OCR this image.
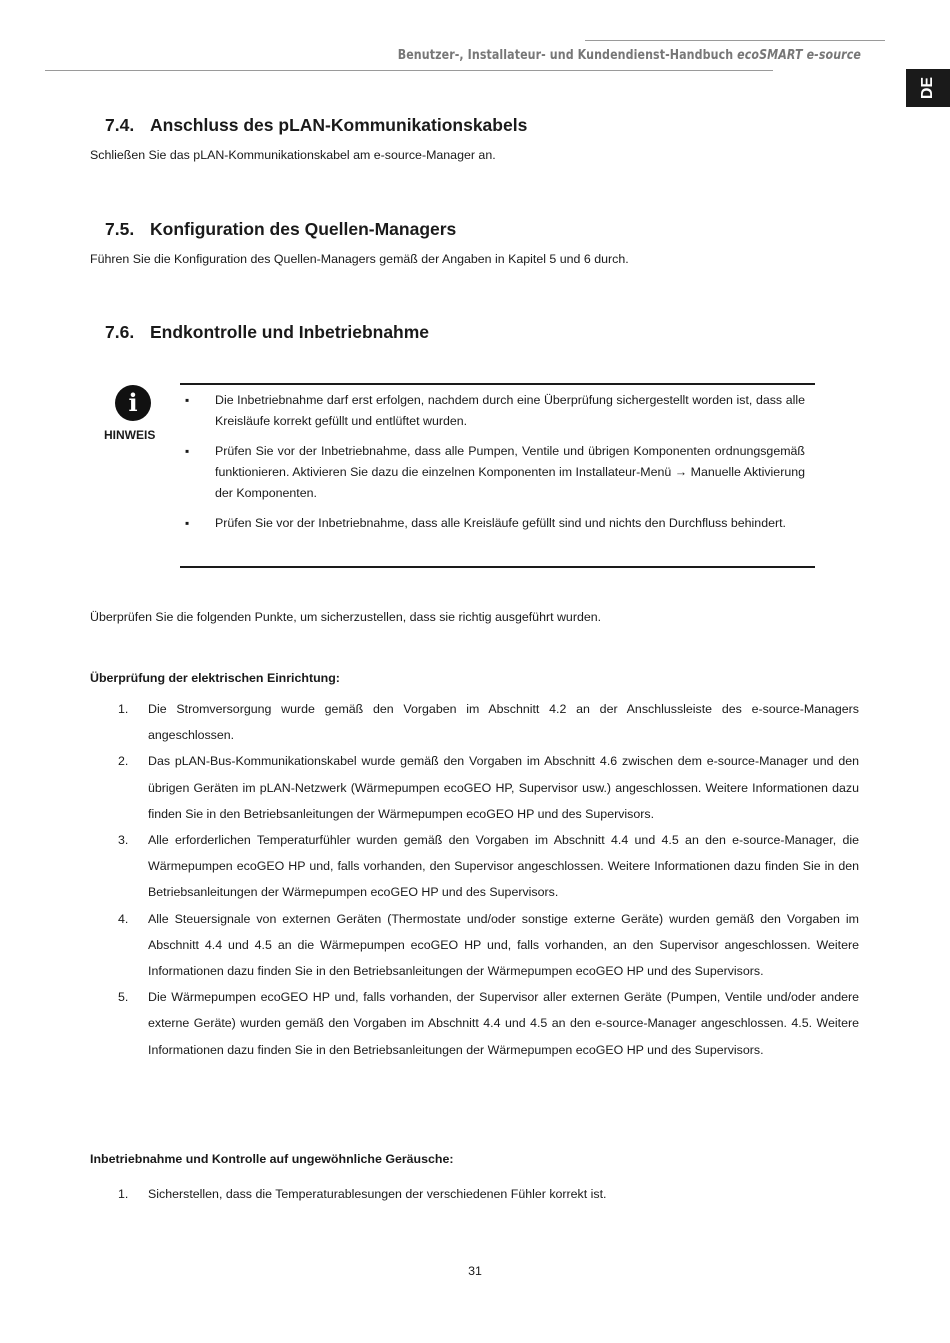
Benutzer-, Installateur- und Kundendienst-Handbuch ecoSMART e-source
DE
7.4. Anschluss des pLAN-Kommunikationskabels
Schließen Sie das pLAN-Kommunikationskabel am e-source-Manager an.
7.5. Konfiguration des Quellen-Managers
Führen Sie die Konfiguration des Quellen-Managers gemäß der Angaben in Kapitel 5 und 6 durch.
7.6. Endkontrolle und Inbetriebnahme
i
HINWEIS
▪ Die Inbetriebnahme darf erst erfolgen, nachdem durch eine Überprüfung sichergestellt worden ist, dass alle Kreisläufe korrekt gefüllt und entlüftet wurden.
▪ Prüfen Sie vor der Inbetriebnahme, dass alle Pumpen, Ventile und übrigen Komponenten ordnungsgemäß funktionieren. Aktivieren Sie dazu die einzelnen Komponenten im Installateur-Menü → Manuelle Aktivierung der Komponenten.
▪ Prüfen Sie vor der Inbetriebnahme, dass alle Kreisläufe gefüllt sind und nichts den Durchfluss behindert.
Überprüfen Sie die folgenden Punkte, um sicherzustellen, dass sie richtig ausgeführt wurden.
Überprüfung der elektrischen Einrichtung:
1. Die Stromversorgung wurde gemäß den Vorgaben im Abschnitt 4.2 an der Anschlussleiste des e-source-Managers angeschlossen.
2. Das pLAN-Bus-Kommunikationskabel wurde gemäß den Vorgaben im Abschnitt 4.6 zwischen dem e-source-Manager und den übrigen Geräten im pLAN-Netzwerk (Wärmepumpen ecoGEO HP, Supervisor usw.) angeschlossen. Weitere Informationen dazu finden Sie in den Betriebsanleitungen der Wärmepumpen ecoGEO HP und des Supervisors.
3. Alle erforderlichen Temperaturfühler wurden gemäß den Vorgaben im Abschnitt 4.4 und 4.5 an den e-source-Manager, die Wärmepumpen ecoGEO HP und, falls vorhanden, den Supervisor angeschlossen. Weitere Informationen dazu finden Sie in den Betriebsanleitungen der Wärmepumpen ecoGEO HP und des Supervisors.
4. Alle Steuersignale von externen Geräten (Thermostate und/oder sonstige externe Geräte) wurden gemäß den Vorgaben im Abschnitt 4.4 und 4.5 an die Wärmepumpen ecoGEO HP und, falls vorhanden, an den Supervisor angeschlossen. Weitere Informationen dazu finden Sie in den Betriebsanleitungen der Wärmepumpen ecoGEO HP und des Supervisors.
5. Die Wärmepumpen ecoGEO HP und, falls vorhanden, der Supervisor aller externen Geräte (Pumpen, Ventile und/oder andere externe Geräte) wurden gemäß den Vorgaben im Abschnitt 4.4 und 4.5 an den e-source-Manager angeschlossen. 4.5. Weitere Informationen dazu finden Sie in den Betriebsanleitungen der Wärmepumpen ecoGEO HP und des Supervisors.
Inbetriebnahme und Kontrolle auf ungewöhnliche Geräusche:
1. Sicherstellen, dass die Temperaturablesungen der verschiedenen Fühler korrekt ist.
31
